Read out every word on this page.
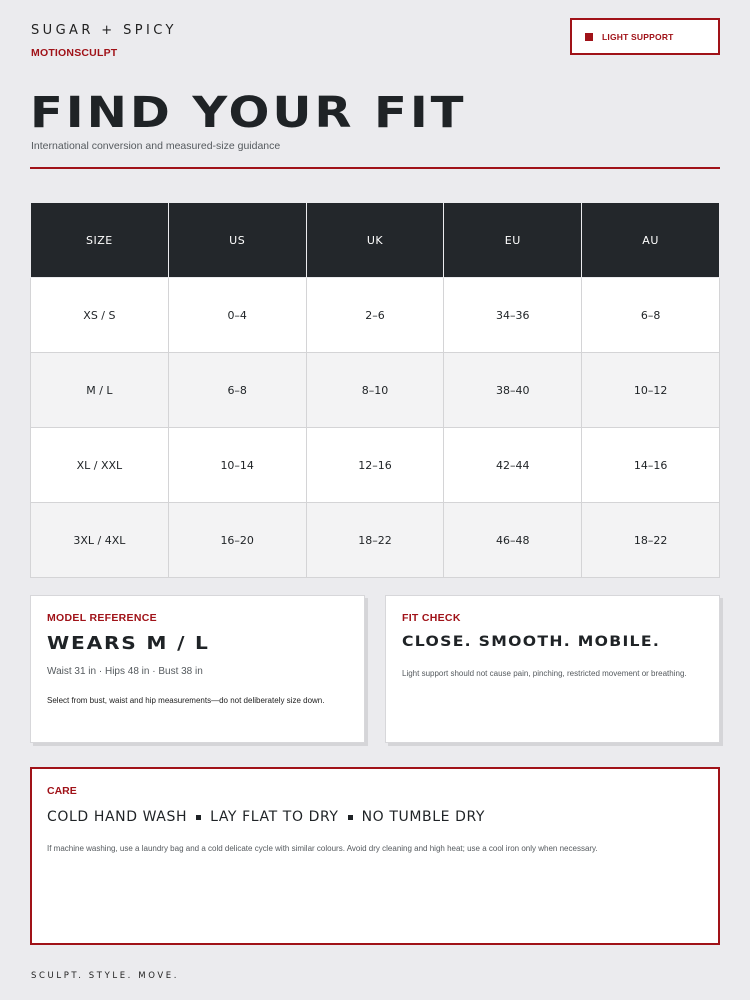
SUGAR + SPICY
MOTIONSCULPT
LIGHT SUPPORT
FIND YOUR FIT
International conversion and measured-size guidance
SIZE	US	UK	EU	AU
XS / S	0–4	2–6	34–36	6–8
M / L	6–8	8–10	38–40	10–12
XL / XXL	10–14	12–16	42–44	14–16
3XL / 4XL	16–20	18–22	46–48	18–22
MODEL REFERENCE
WEARS M / L
Waist 31 in · Hips 48 in · Bust 38 in
Select from bust, waist and hip measurements—do not deliberately size down.
FIT CHECK
CLOSE. SMOOTH. MOBILE.
Light support should not cause pain, pinching, restricted movement or breathing.
CARE
COLD HAND WASH LAY FLAT TO DRY NO TUMBLE DRY
If machine washing, use a laundry bag and a cold delicate cycle with similar colours. Avoid dry cleaning and high heat; use a cool iron only when necessary.
SCULPT. STYLE. MOVE.
